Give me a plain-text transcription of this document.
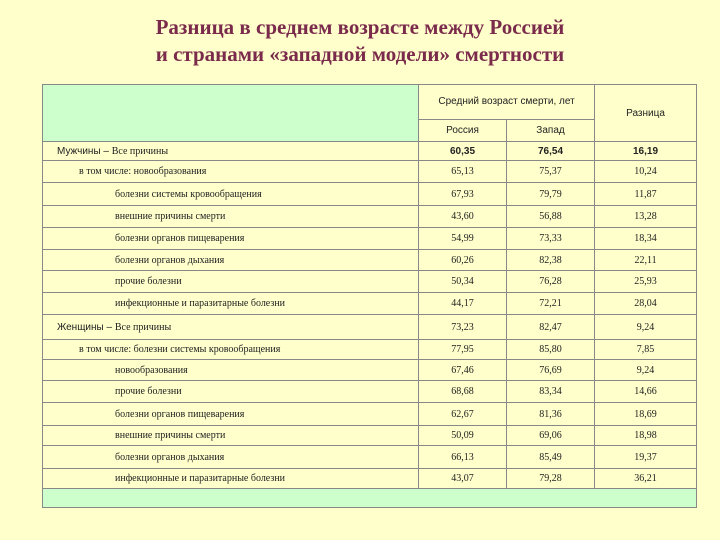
Разница в среднем возрасте между Россией
и странами «западной модели» смертности
	Средний возраст смерти, лет		Разница
	Россия	Запад	
Мужчины – Все причины	60,35	76,54	16,19
в том числе: новообразования	65,13	75,37	10,24
болезни системы кровообращения	67,93	79,79	11,87
внешние причины смерти	43,60	56,88	13,28
болезни органов пищеварения	54,99	73,33	18,34
болезни органов дыхания	60,26	82,38	22,11
прочие болезни	50,34	76,28	25,93
инфекционные и паразитарные болезни	44,17	72,21	28,04
Женщины – Все причины	73,23	82,47	9,24
в том числе: болезни системы кровообращения	77,95	85,80	7,85
новообразования	67,46	76,69	9,24
прочие болезни	68,68	83,34	14,66
болезни органов пищеварения	62,67	81,36	18,69
внешние причины смерти	50,09	69,06	18,98
болезни органов дыхания	66,13	85,49	19,37
инфекционные и паразитарные болезни	43,07	79,28	36,21
